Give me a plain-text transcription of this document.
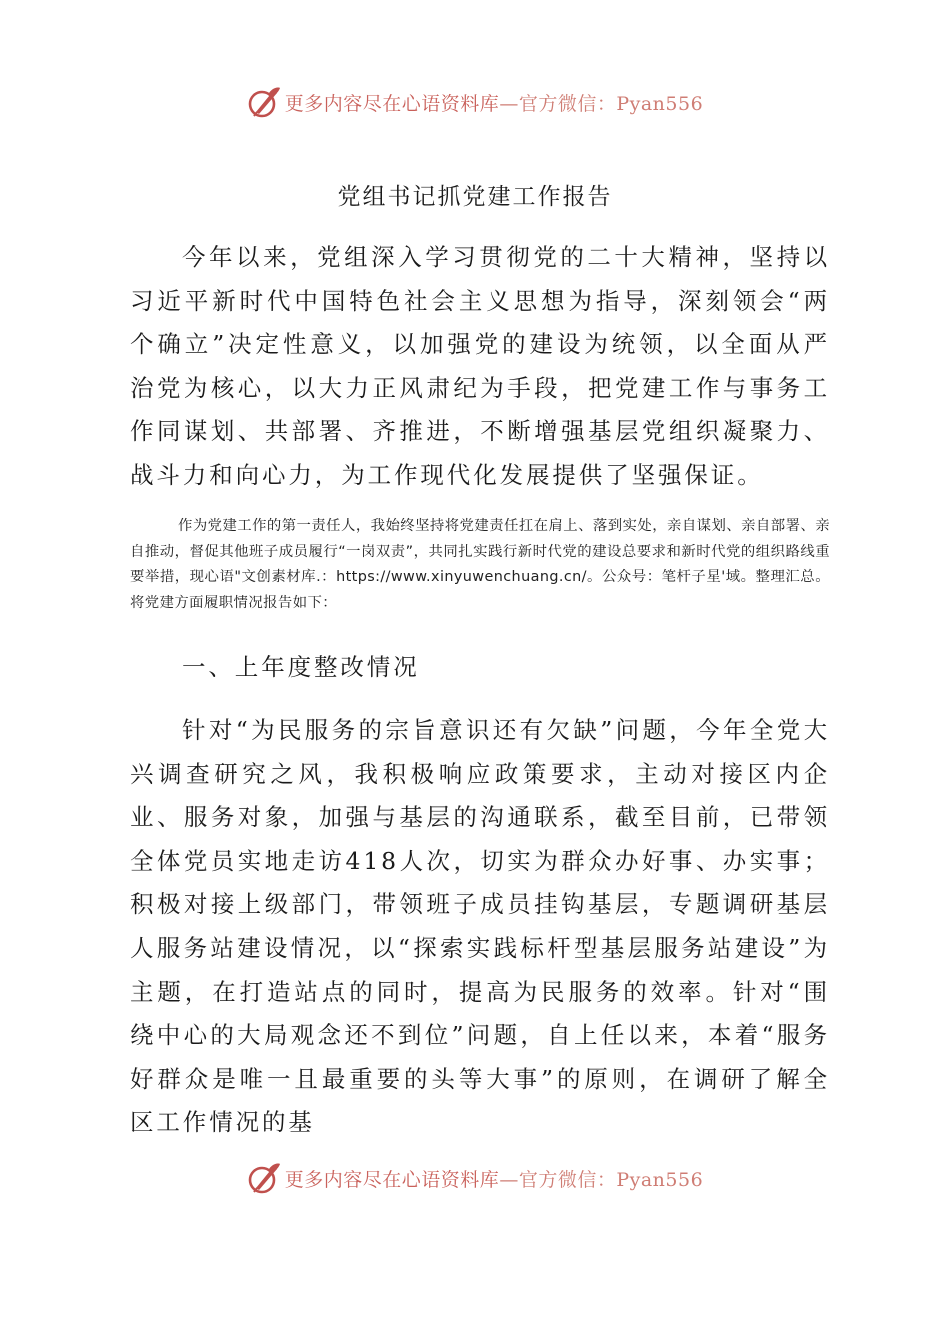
更多内容尽在心语资料库—官方微信：Pyan556
党组书记抓党建工作报告

今年以来，党组深入学习贯彻党的二十大精神，坚持以习近平新时代中国特色社会主义思想为指导，深刻领会“两个确立”决定性意义，以加强党的建设为统领，以全面从严治党为核心，以大力正风肃纪为手段，把党建工作与事务工作同谋划、共部署、齐推进，不断增强基层党组织凝聚力、战斗力和向心力，为工作现代化发展提供了坚强保证。

作为党建工作的第一责任人，我始终坚持将党建责任扛在肩上、落到实处，亲自谋划、亲自部署、亲自推动，督促其他班子成员履行“一岗双责”，共同扎实践行新时代党的建设总要求和新时代党的组织路线重要举措，现心语"文创素材库.：https://www.xinyuwenchuang.cn/。公众号：笔杆子星'域。整理汇总。将党建方面履职情况报告如下：

一、上年度整改情况

针对“为民服务的宗旨意识还有欠缺”问题，今年全党大兴调查研究之风，我积极响应政策要求，主动对接区内企业、服务对象，加强与基层的沟通联系，截至目前，已带领全体党员实地走访418人次，切实为群众办好事、办实事；积极对接上级部门，带领班子成员挂钩基层，专题调研基层人服务站建设情况，以“探索实践标杆型基层服务站建设”为主题，在打造站点的同时，提高为民服务的效率。针对“围绕中心的大局观念还不到位”问题，自上任以来，本着“服务好群众是唯一且最重要的头等大事”的原则，在调研了解全区工作情况的基

更多内容尽在心语资料库—官方微信：Pyan556
